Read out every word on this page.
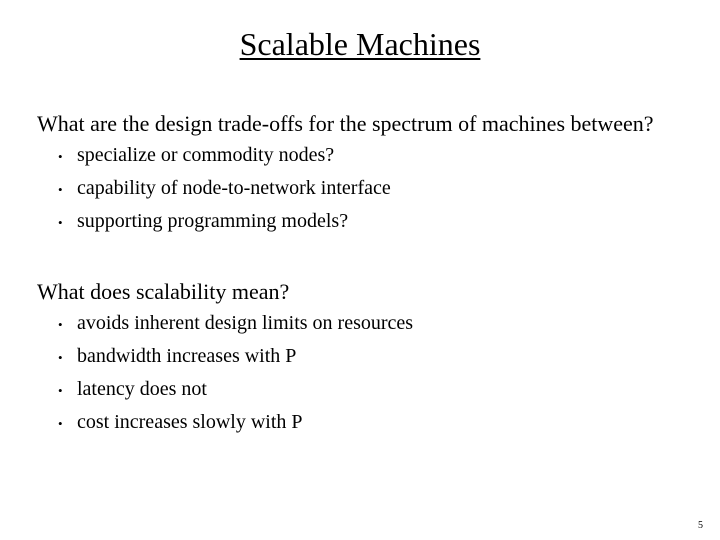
Scalable Machines
What are the design trade-offs for the spectrum of machines between?
• specialize or commodity nodes?
• capability of node-to-network interface
• supporting programming models?
What does scalability mean?
• avoids inherent design limits on resources
• bandwidth increases with P
• latency does not
• cost increases slowly with P
5
